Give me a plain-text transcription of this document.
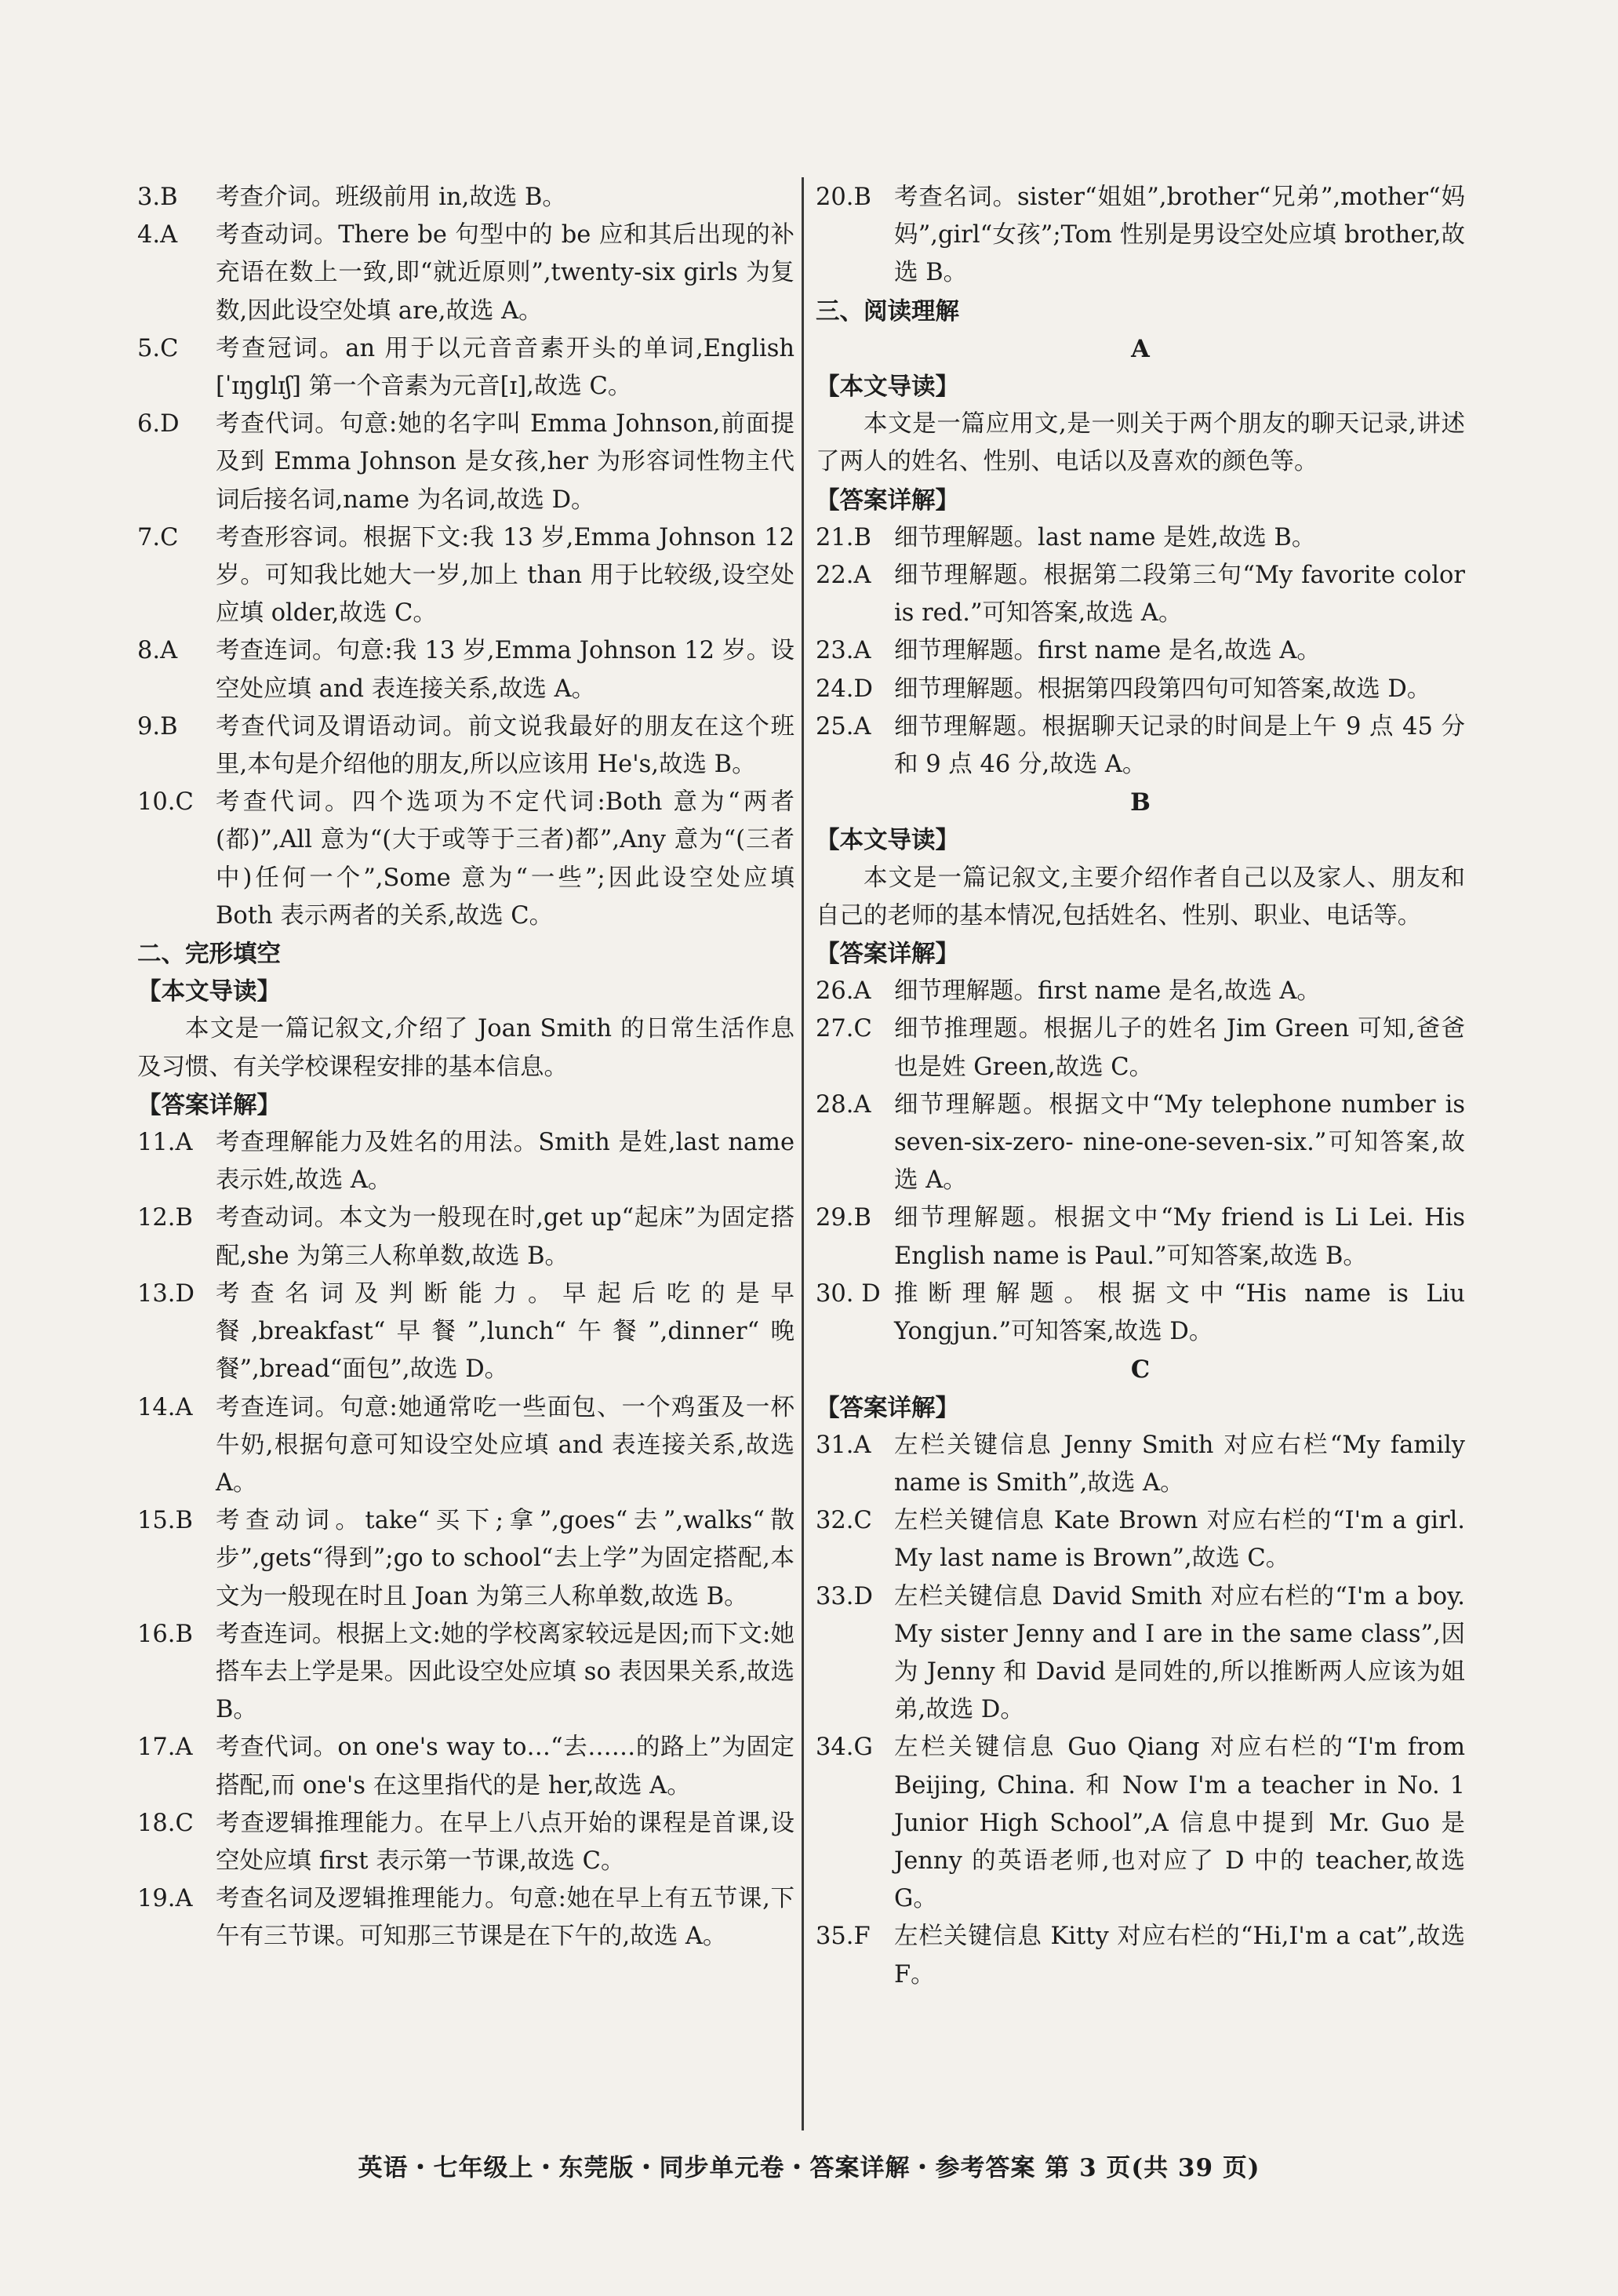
3.B	考查介词。班级前用 in,故选 B。
4.A	考查动词。There be 句型中的 be 应和其后出现的补充语在数上一致,即“就近原则”,twenty-six girls 为复数,因此设空处填 are,故选 A。
5.C	考查冠词。an 用于以元音音素开头的单词,English [ˈɪŋglɪʃ] 第一个音素为元音[ɪ],故选 C。
6.D	考查代词。句意:她的名字叫 Emma Johnson,前面提及到 Emma Johnson 是女孩,her 为形容词性物主代词后接名词,name 为名词,故选 D。
7.C	考查形容词。根据下文:我 13 岁,Emma Johnson 12 岁。可知我比她大一岁,加上 than 用于比较级,设空处应填 older,故选 C。
8.A	考查连词。句意:我 13 岁,Emma Johnson 12 岁。设空处应填 and 表连接关系,故选 A。
9.B	考查代词及谓语动词。前文说我最好的朋友在这个班里,本句是介绍他的朋友,所以应该用 He's,故选 B。
10.C 考查代词。四个选项为不定代词:Both 意为“两者(都)”,All 意为“(大于或等于三者)都”,Any 意为“(三者中)任何一个”,Some 意为“一些”;因此设空处应填 Both 表示两者的关系,故选 C。
二、完形填空
【本文导读】
本文是一篇记叙文,介绍了 Joan Smith 的日常生活作息及习惯、有关学校课程安排的基本信息。
【答案详解】
11.A 考查理解能力及姓名的用法。Smith 是姓,last name 表示姓,故选 A。
12.B 考查动词。本文为一般现在时,get up“起床”为固定搭配,she 为第三人称单数,故选 B。
13.D 考查名词及判断能力。早起后吃的是早餐,breakfast“早餐”,lunch“午餐”,dinner“晚餐”,bread“面包”,故选 D。
14.A 考查连词。句意:她通常吃一些面包、一个鸡蛋及一杯牛奶,根据句意可知设空处应填 and 表连接关系,故选 A。
15.B 考查动词。take“买下;拿”,goes“去”,walks“散步”,gets“得到”;go to school“去上学”为固定搭配,本文为一般现在时且 Joan 为第三人称单数,故选 B。
16.B 考查连词。根据上文:她的学校离家较远是因;而下文:她搭车去上学是果。因此设空处应填 so 表因果关系,故选 B。
17.A 考查代词。on one's way to…“去……的路上”为固定搭配,而 one's 在这里指代的是 her,故选 A。
18.C 考查逻辑推理能力。在早上八点开始的课程是首课,设空处应填 first 表示第一节课,故选 C。
19.A 考查名词及逻辑推理能力。句意:她在早上有五节课,下午有三节课。可知那三节课是在下午的,故选 A。
20.B 考查名词。sister“姐姐”,brother“兄弟”,mother“妈妈”,girl“女孩”;Tom 性别是男设空处应填 brother,故选 B。
三、阅读理解
A
【本文导读】
本文是一篇应用文,是一则关于两个朋友的聊天记录,讲述了两人的姓名、性别、电话以及喜欢的颜色等。
【答案详解】
21.B 细节理解题。last name 是姓,故选 B。
22.A 细节理解题。根据第二段第三句“My favorite color is red.”可知答案,故选 A。
23.A 细节理解题。first name 是名,故选 A。
24.D 细节理解题。根据第四段第四句可知答案,故选 D。
25.A 细节理解题。根据聊天记录的时间是上午 9 点 45 分和 9 点 46 分,故选 A。
B
【本文导读】
本文是一篇记叙文,主要介绍作者自己以及家人、朋友和自己的老师的基本情况,包括姓名、性别、职业、电话等。
【答案详解】
26.A 细节理解题。first name 是名,故选 A。
27.C 细节推理题。根据儿子的姓名 Jim Green 可知,爸爸也是姓 Green,故选 C。
28.A 细节理解题。根据文中“My telephone number is seven-six-zero- nine-one-seven-six.”可知答案,故选 A。
29.B 细节理解题。根据文中“My friend is Li Lei. His English name is Paul.”可知答案,故选 B。
30. D 推断理解题。根据文中“His name is Liu Yongjun.”可知答案,故选 D。
C
【答案详解】
31.A 左栏关键信息 Jenny Smith 对应右栏“My family name is Smith”,故选 A。
32.C 左栏关键信息 Kate Brown 对应右栏的“I'm a girl. My last name is Brown”,故选 C。
33.D 左栏关键信息 David Smith 对应右栏的“I'm a boy. My sister Jenny and I are in the same class”,因为 Jenny 和 David 是同姓的,所以推断两人应该为姐弟,故选 D。
34.G 左栏关键信息 Guo Qiang 对应右栏的“I'm from Beijing, China. 和 Now I'm a teacher in No. 1 Junior High School”,A 信息中提到 Mr. Guo 是 Jenny 的英语老师,也对应了 D 中的 teacher,故选 G。
35.F 左栏关键信息 Kitty 对应右栏的“Hi,I'm a cat”,故选 F。
英语・七年级上・东莞版・同步单元卷・答案详解・参考答案 第 3 页(共 39 页)
